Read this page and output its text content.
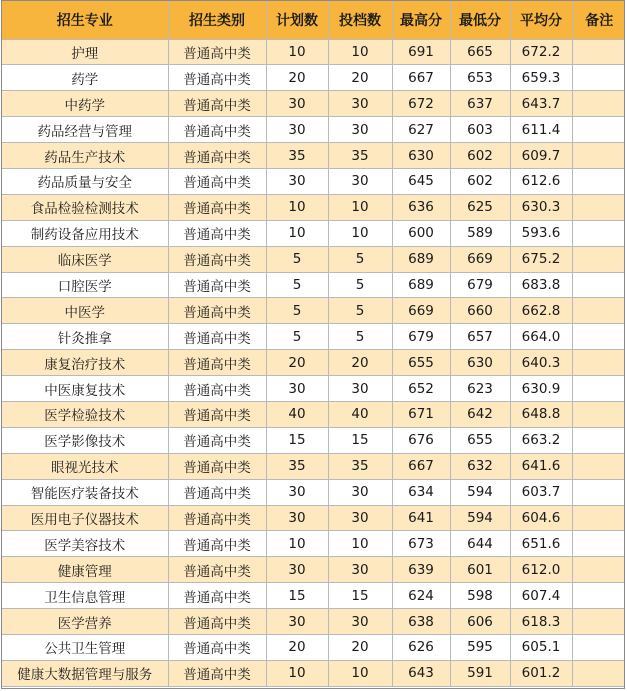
招生专业	招生类别	计划数	投档数	最高分	最低分	平均分	备注
护理	普通高中类	10	10	691	665	672.2	
药学	普通高中类	20	20	667	653	659.3	
中药学	普通高中类	30	30	672	637	643.7	
药品经营与管理	普通高中类	30	30	627	603	611.4	
药品生产技术	普通高中类	35	35	630	602	609.7	
药品质量与安全	普通高中类	30	30	645	602	612.6	
食品检验检测技术	普通高中类	10	10	636	625	630.3	
制药设备应用技术	普通高中类	10	10	600	589	593.6	
临床医学	普通高中类	5	5	689	669	675.2	
口腔医学	普通高中类	5	5	689	679	683.8	
中医学	普通高中类	5	5	669	660	662.8	
针灸推拿	普通高中类	5	5	679	657	664.0	
康复治疗技术	普通高中类	20	20	655	630	640.3	
中医康复技术	普通高中类	30	30	652	623	630.9	
医学检验技术	普通高中类	40	40	671	642	648.8	
医学影像技术	普通高中类	15	15	676	655	663.2	
眼视光技术	普通高中类	35	35	667	632	641.6	
智能医疗装备技术	普通高中类	30	30	634	594	603.7	
医用电子仪器技术	普通高中类	30	30	641	594	604.6	
医学美容技术	普通高中类	10	10	673	644	651.6	
健康管理	普通高中类	30	30	639	601	612.0	
卫生信息管理	普通高中类	15	15	624	598	607.4	
医学营养	普通高中类	30	30	638	606	618.3	
公共卫生管理	普通高中类	20	20	626	595	605.1	
健康大数据管理与服务	普通高中类	10	10	643	591	601.2	
